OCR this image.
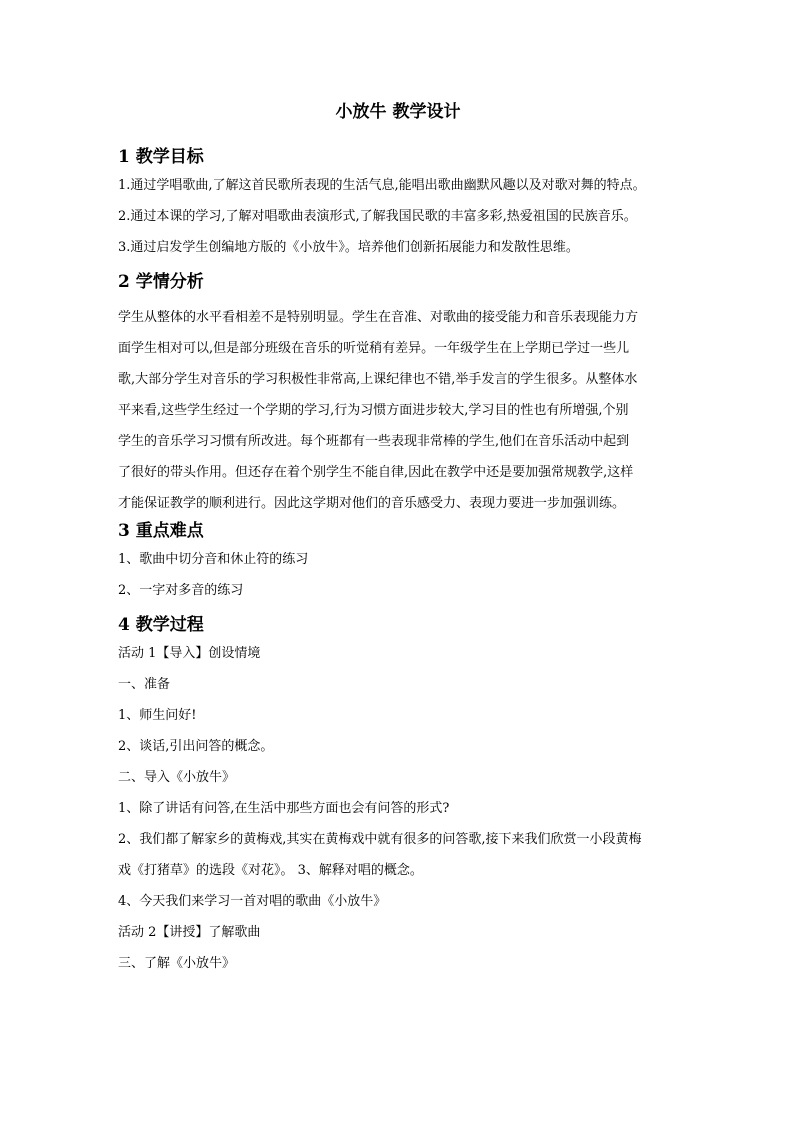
小放牛 教学设计
1 教学目标
1.通过学唱歌曲,了解这首民歌所表现的生活气息,能唱出歌曲幽默风趣以及对歌对舞的特点。
2.通过本课的学习,了解对唱歌曲表演形式,了解我国民歌的丰富多彩,热爱祖国的民族音乐。
3.通过启发学生创编地方版的《小放牛》。培养他们创新拓展能力和发散性思维。
2 学情分析
学生从整体的水平看相差不是特别明显。学生在音准、对歌曲的接受能力和音乐表现能力方
面学生相对可以,但是部分班级在音乐的听觉稍有差异。一年级学生在上学期已学过一些儿
歌,大部分学生对音乐的学习积极性非常高,上课纪律也不错,举手发言的学生很多。从整体水
平来看,这些学生经过一个学期的学习,行为习惯方面进步较大,学习目的性也有所增强,个别
学生的音乐学习习惯有所改进。每个班都有一些表现非常棒的学生,他们在音乐活动中起到
了很好的带头作用。但还存在着个别学生不能自律,因此在教学中还是要加强常规教学,这样
才能保证教学的顺利进行。因此这学期对他们的音乐感受力、表现力要进一步加强训练。
3 重点难点
1、歌曲中切分音和休止符的练习
2、一字对多音的练习
4 教学过程
活动 1【导入】创设情境
一、准备
1、师生问好!
2、谈话,引出问答的概念。
二、导入《小放牛》
1、除了讲话有问答,在生活中那些方面也会有问答的形式?
2、我们都了解家乡的黄梅戏,其实在黄梅戏中就有很多的问答歌,接下来我们欣赏一小段黄梅
戏《打猪草》的选段《对花》。 3、解释对唱的概念。
4、今天我们来学习一首对唱的歌曲《小放牛》
活动 2【讲授】了解歌曲
三、了解《小放牛》
